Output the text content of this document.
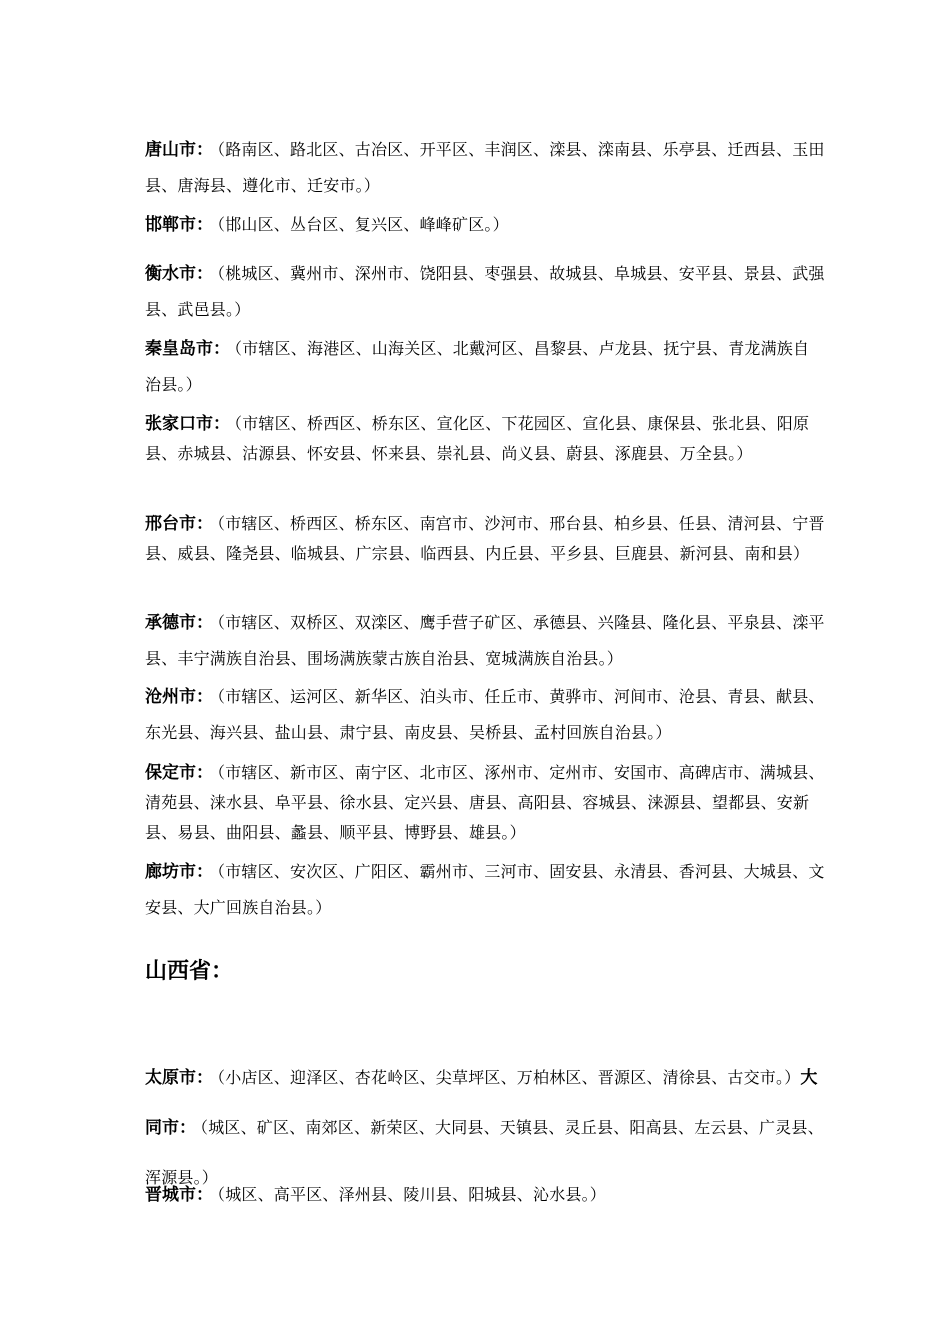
唐山市： （路南区、路北区、古冶区、开平区、丰润区、滦县、滦南县、乐亭县、迁西县、玉田县、唐海县、遵化市、迁安市。）
邯郸市： （邯山区、丛台区、复兴区、峰峰矿区。）
衡水市： （桃城区、冀州市、深州市、饶阳县、枣强县、故城县、阜城县、安平县、景县、武强县、武邑县。）
秦皇岛市： （市辖区、海港区、山海关区、北戴河区、昌黎县、卢龙县、抚宁县、青龙满族自治县。）
张家口市： （市辖区、桥西区、桥东区、宣化区、下花园区、宣化县、康保县、张北县、阳原县、赤城县、沽源县、怀安县、怀来县、崇礼县、尚义县、蔚县、涿鹿县、万全县。）
邢台市： （市辖区、桥西区、桥东区、南宫市、沙河市、邢台县、柏乡县、任县、清河县、宁晋县、威县、隆尧县、临城县、广宗县、临西县、内丘县、平乡县、巨鹿县、新河县、南和县）
承德市： （市辖区、双桥区、双滦区、鹰手营子矿区、承德县、兴隆县、隆化县、平泉县、滦平县、丰宁满族自治县、围场满族蒙古族自治县、宽城满族自治县。）
沧州市： （市辖区、运河区、新华区、泊头市、任丘市、黄骅市、河间市、沧县、青县、献县、东光县、海兴县、盐山县、肃宁县、南皮县、吴桥县、孟村回族自治县。）
保定市： （市辖区、新市区、南宁区、北市区、涿州市、定州市、安国市、高碑店市、满城县、清苑县、涞水县、阜平县、徐水县、定兴县、唐县、高阳县、容城县、涞源县、望都县、安新县、易县、曲阳县、蠡县、顺平县、博野县、雄县。）
廊坊市： （市辖区、安次区、广阳区、霸州市、三河市、固安县、永清县、香河县、大城县、文安县、大广回族自治县。）
山西省：
太原市： （小店区、迎泽区、杏花岭区、尖草坪区、万柏林区、晋源区、清徐县、古交市。）大同市： （城区、矿区、南郊区、新荣区、大同县、天镇县、灵丘县、阳高县、左云县、广灵县、浑源县。）
晋城市： （城区、高平区、泽州县、陵川县、阳城县、沁水县。）
